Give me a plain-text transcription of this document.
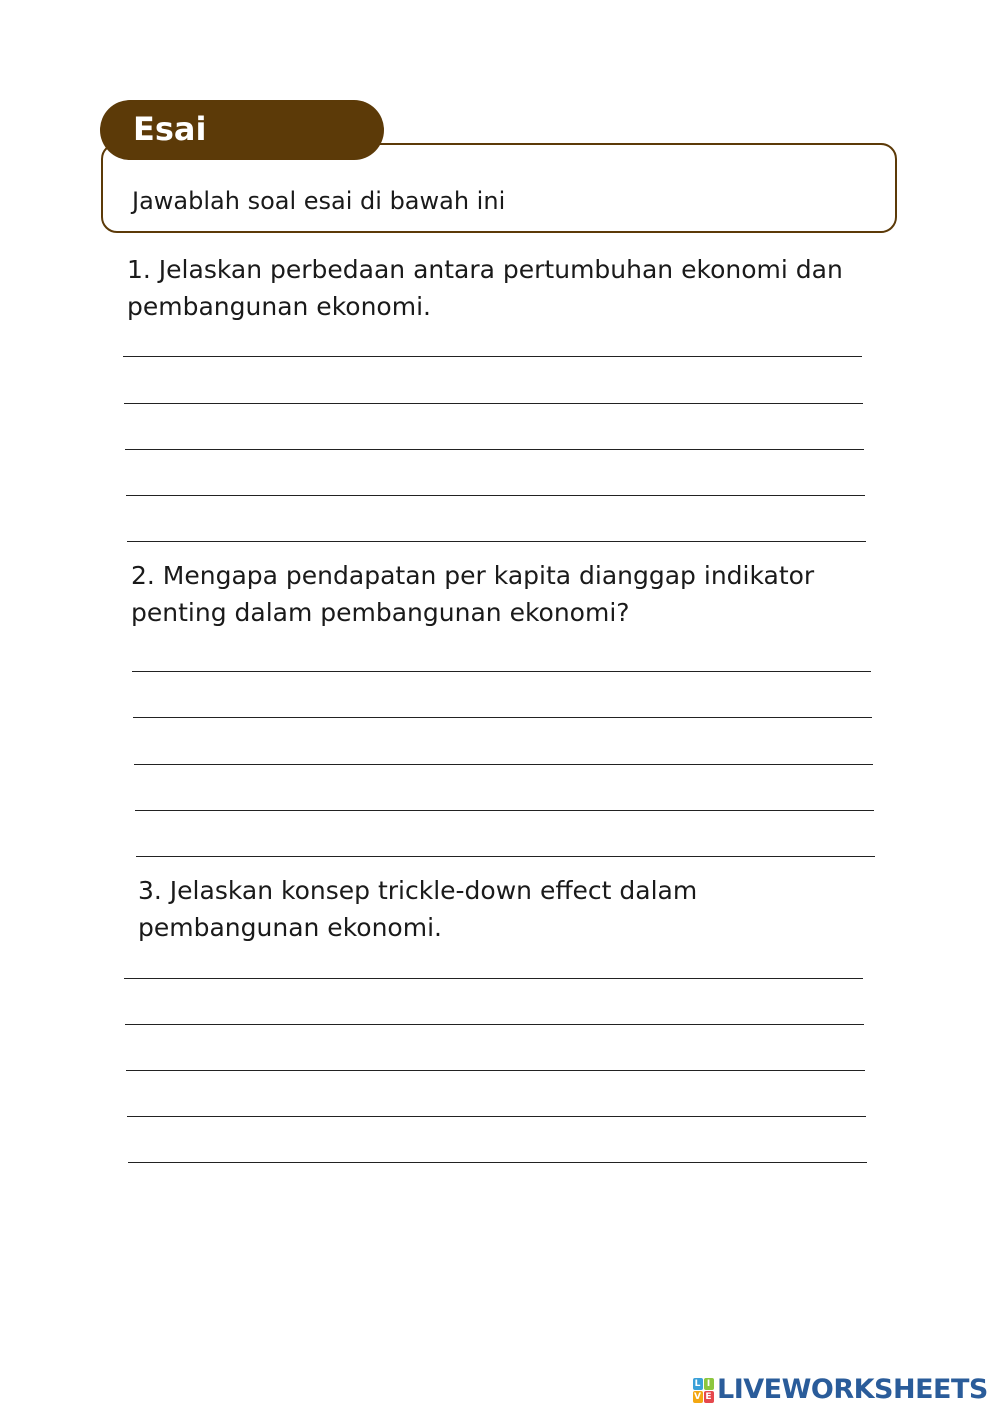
Esai
Jawablah soal esai di bawah ini
1. Jelaskan perbedaan antara pertumbuhan ekonomi dan
pembangunan ekonomi.
2. Mengapa pendapatan per kapita dianggap indikator
penting dalam pembangunan ekonomi?
3. Jelaskan konsep trickle-down effect dalam
pembangunan ekonomi.
L I
V E LIVEWORKSHEETS
